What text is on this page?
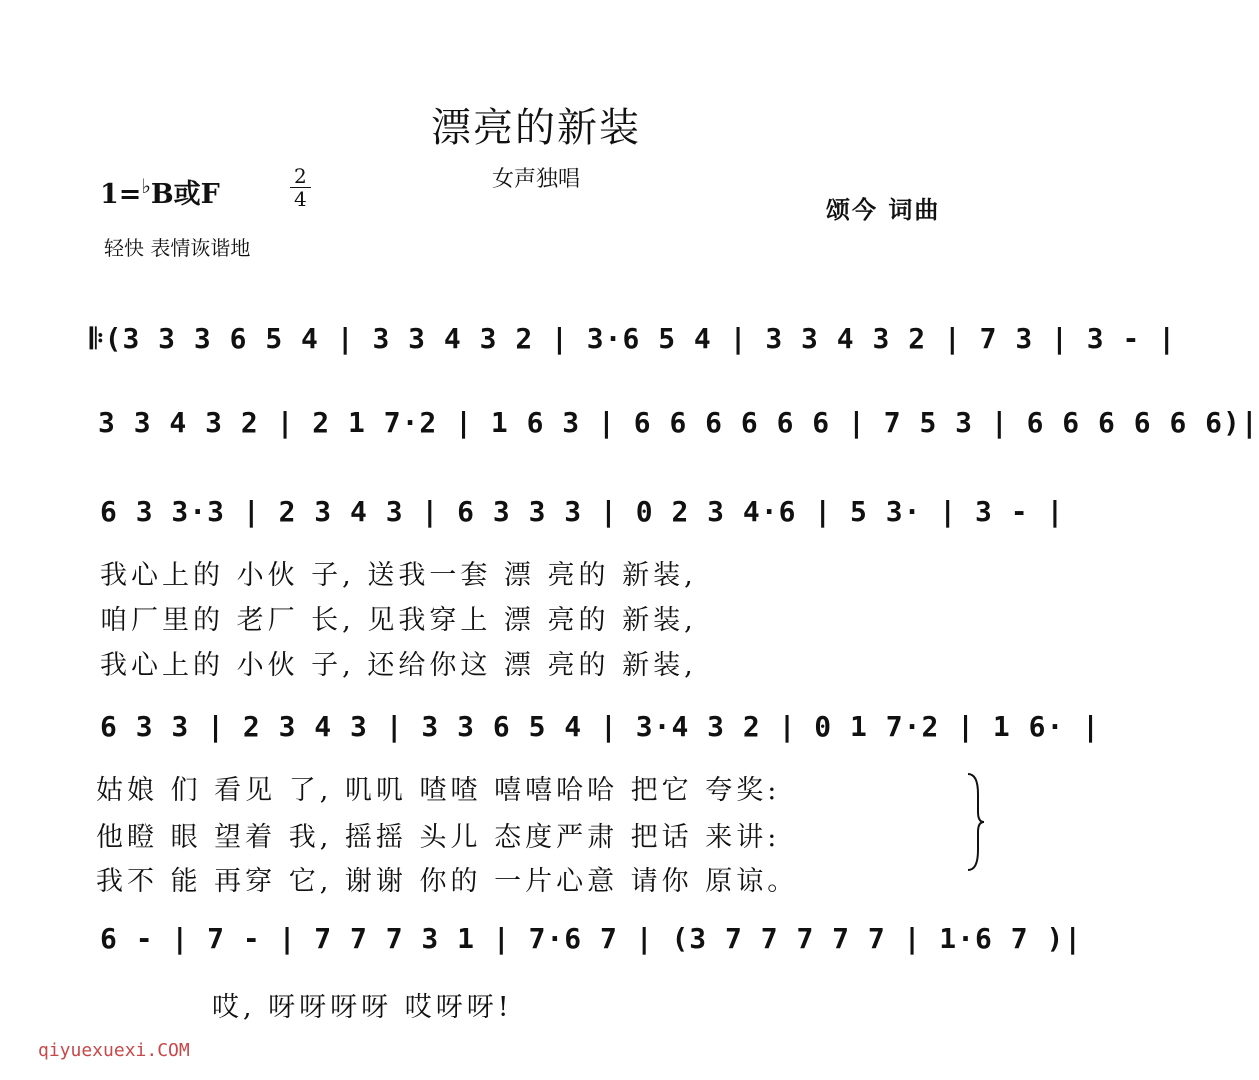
漂亮的新装
女声独唱
1=♭B或F	$\frac{2}{4}$
颂今 词曲
轻快 表情诙谐地
𝄆(3 3 3 6 5 4 | 3 3 4 3 2 | 3·6 5 4 | 3 3 4 3 2 | 7 3 | 3 - |
3 3 4 3 2 | 2 1 7·2 | 1 6 3 | 6 6 6 6 6 6 | 7 5 3 | 6 6 6 6 6 6)|
6 3 3·3 | 2 3 4 3 | 6 3 3 3 | 0 2 3 4·6 | 5 3· | 3 - |
我心上的 小伙 子, 送我一套 漂 亮的 新装,
咱厂里的 老厂 长, 见我穿上 漂 亮的 新装,
我心上的 小伙 子, 还给你这 漂 亮的 新装,
6 3 3 | 2 3 4 3 | 3 3 6 5 4 | 3·4 3 2 | 0 1 7·2 | 1 6· |
姑娘 们 看见 了, 叽叽 喳喳 嘻嘻哈哈 把它 夸奖:
他瞪 眼 望着 我, 摇摇 头儿 态度严肃 把话 来讲:
我不 能 再穿 它, 谢谢 你的 一片心意 请你 原谅。
6 - | 7 - | 7 7 7 3 1 | 7·6 7 | (3 7 7 7 7 7 | 1·6 7 )|
哎, 呀呀呀呀 哎呀呀!
qiyuexuexi.COM
